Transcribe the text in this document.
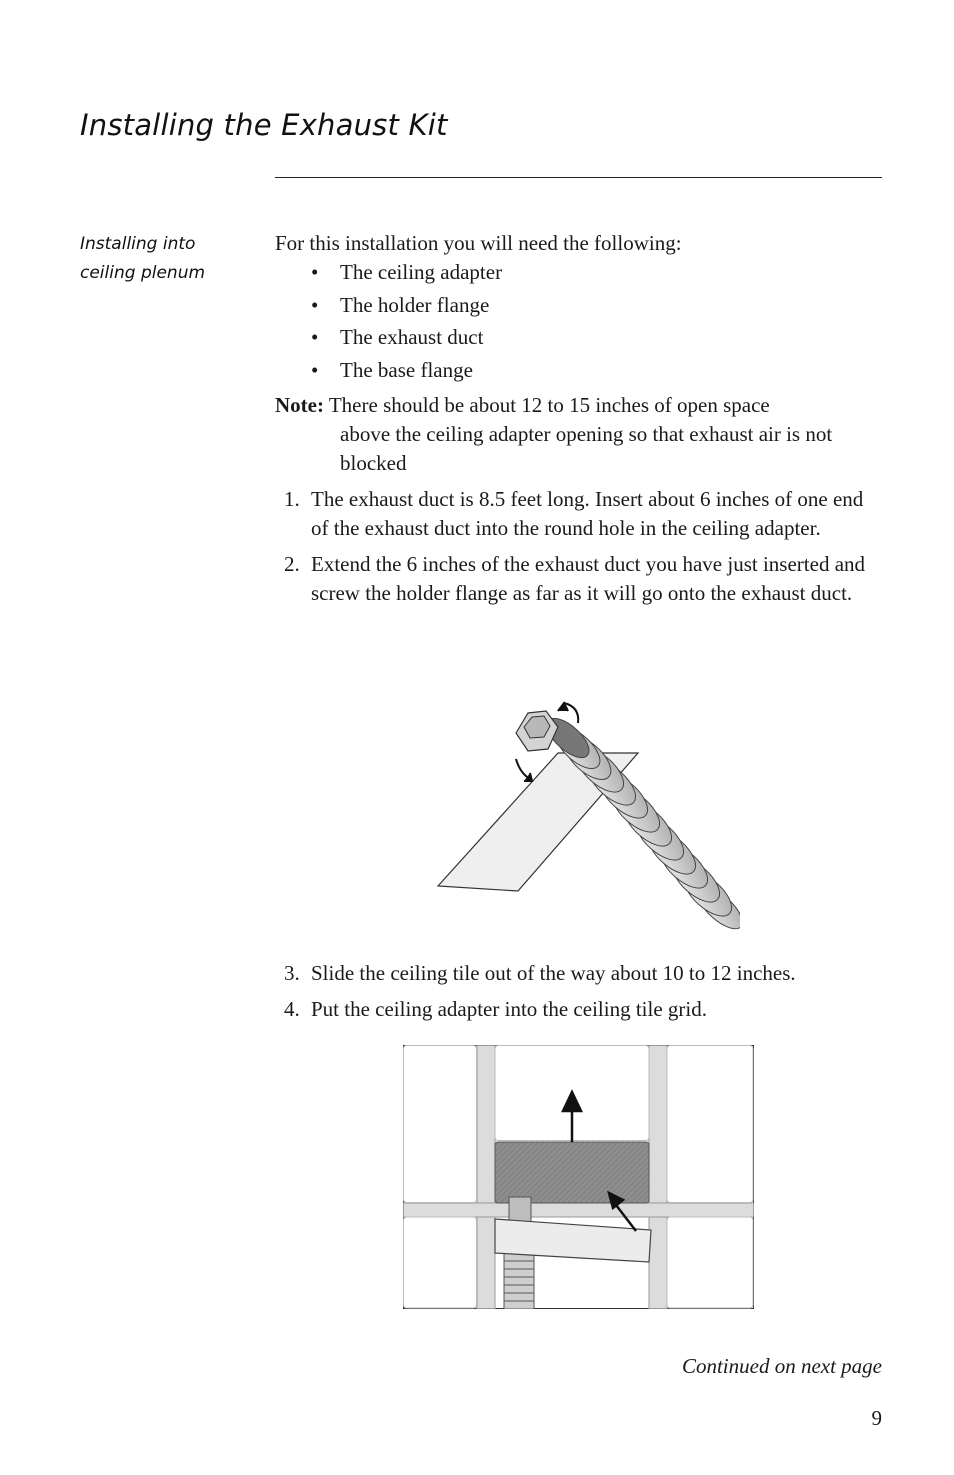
Installing the Exhaust Kit
Installing into
ceiling plenum

For this installation you will need the following:

• The ceiling adapter
• The holder flange
• The exhaust duct
• The base flange
Note: There should be about 12 to 15 inches of open space
above the ceiling adapter opening so that exhaust air is not blocked
1. The exhaust duct is 8.5 feet long. Insert about 6 inches of one end of the exhaust duct into the round hole in the ceiling adapter.
2. Extend the 6 inches of the exhaust duct you have just inserted and screw the holder flange as far as it will go onto the exhaust duct.
3. Slide the ceiling tile out of the way about 10 to 12 inches.
4. Put the ceiling adapter into the ceiling tile grid.
Continued on next page
9
